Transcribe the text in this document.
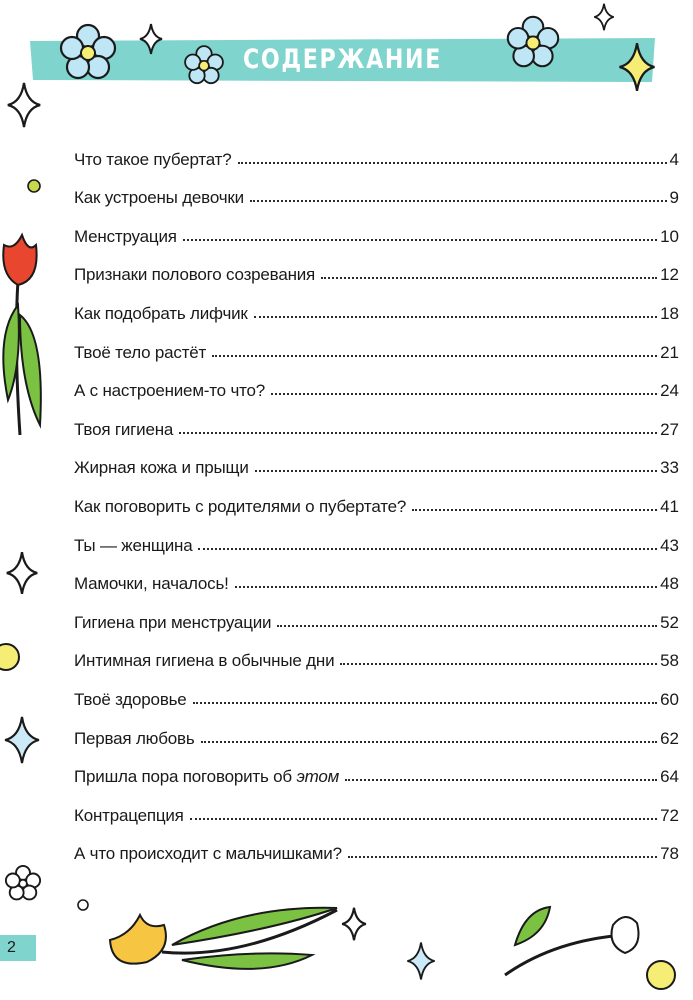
СОДЕРЖАНИЕ
Что такое пубертат?	4
Как устроены девочки	9
Менструация	10
Признаки полового созревания	12
Как подобрать лифчик	18
Твоё тело растёт	21
А с настроением-то что?	24
Твоя гигиена	27
Жирная кожа и прыщи	33
Как поговорить с родителями о пубертате?	41
Ты — женщина	43
Мамочки, началось!	48
Гигиена при менструации	52
Интимная гигиена в обычные дни	58
Твоё здоровье	60
Первая любовь	62
Пришла пора поговорить об этом	64
Контрацепция	72
А что происходит с мальчишками?	78
2
